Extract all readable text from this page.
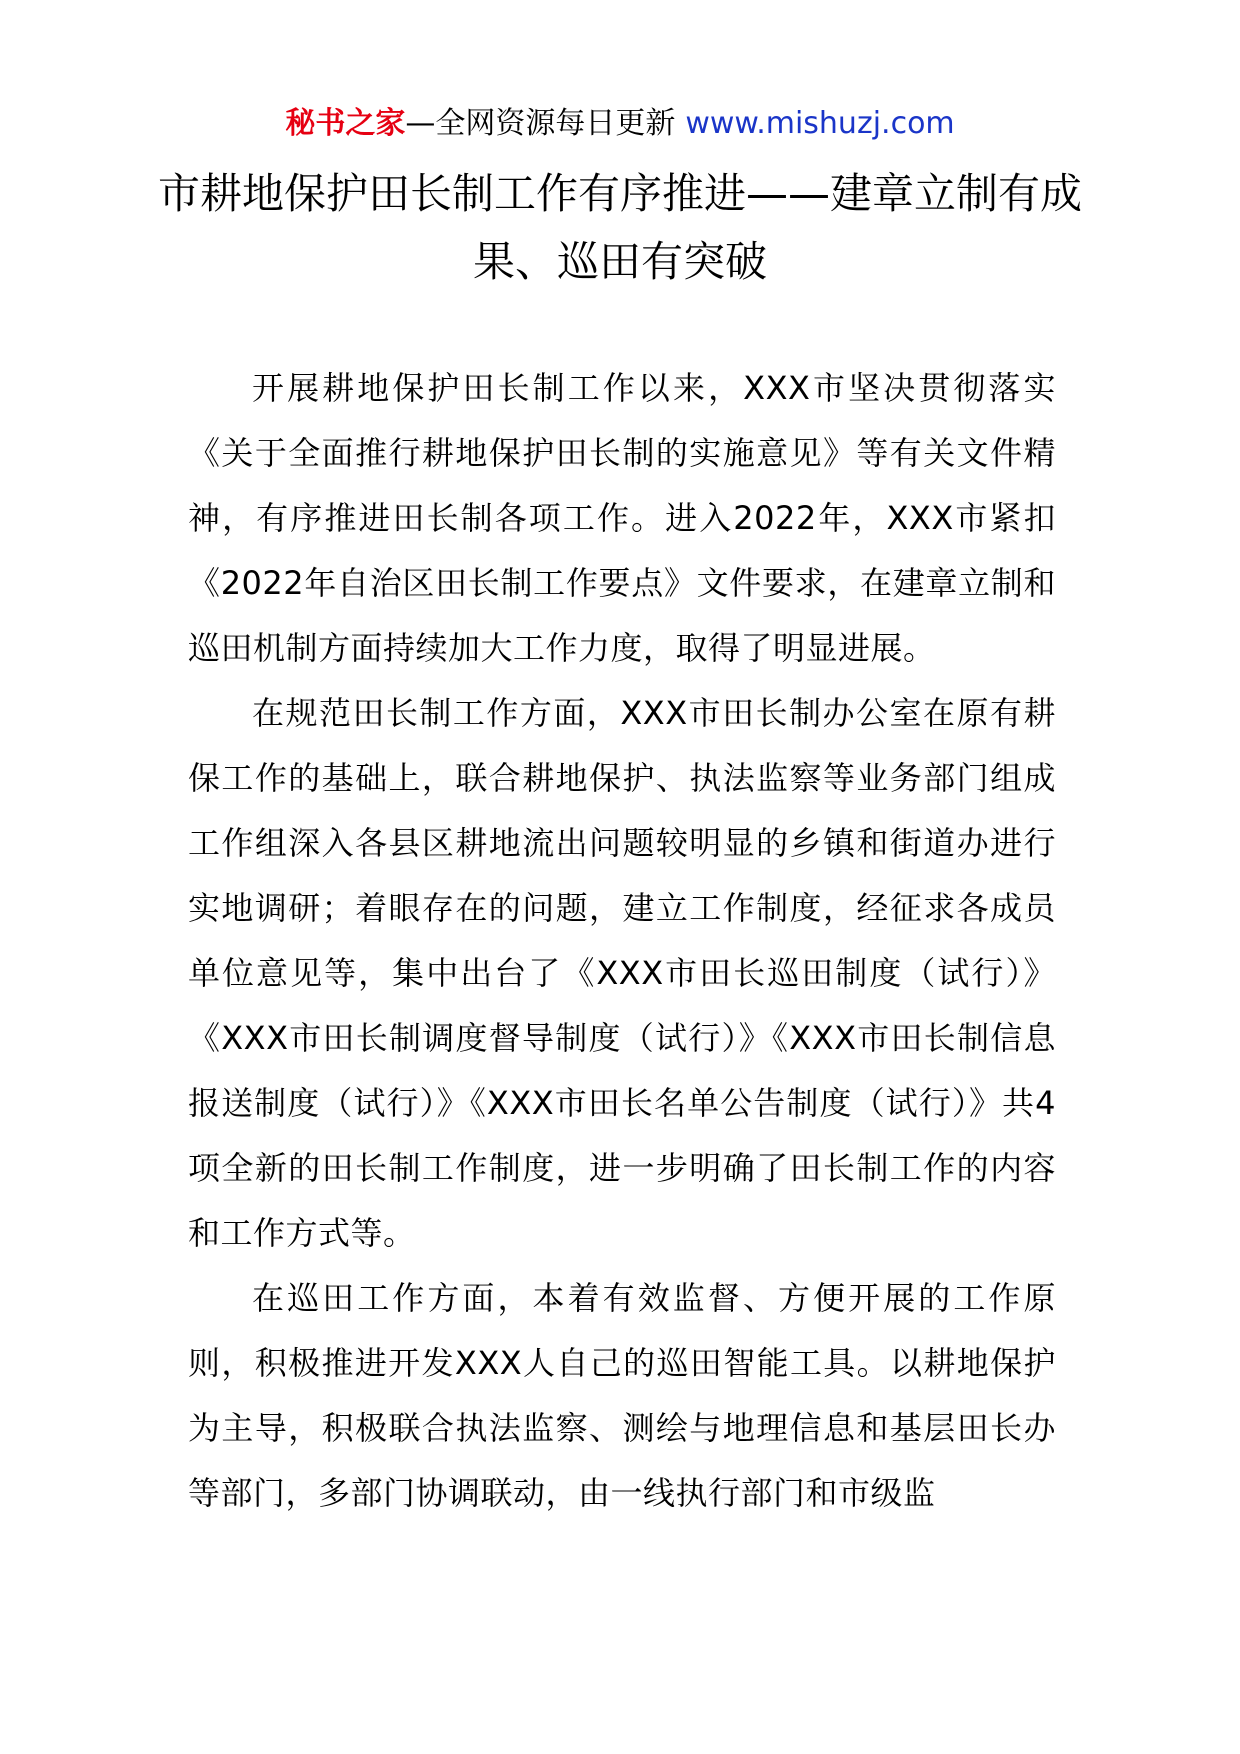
秘书之家—全网资源每日更新 www.mishuzj.com
市耕地保护田长制工作有序推进——建章立制有成果、巡田有突破

开展耕地保护田长制工作以来，XXX市坚决贯彻落实《关于全面推行耕地保护田长制的实施意见》等有关文件精神，有序推进田长制各项工作。进入2022年，XXX市紧扣《2022年自治区田长制工作要点》文件要求，在建章立制和巡田机制方面持续加大工作力度，取得了明显进展。

在规范田长制工作方面，XXX市田长制办公室在原有耕保工作的基础上，联合耕地保护、执法监察等业务部门组成工作组深入各县区耕地流出问题较明显的乡镇和街道办进行实地调研；着眼存在的问题，建立工作制度，经征求各成员单位意见等，集中出台了《XXX市田长巡田制度（试行）》《XXX市田长制调度督导制度（试行）》《XXX市田长制信息报送制度（试行）》《XXX市田长名单公告制度（试行）》共4项全新的田长制工作制度，进一步明确了田长制工作的内容和工作方式等。

在巡田工作方面，本着有效监督、方便开展的工作原则，积极推进开发XXX人自己的巡田智能工具。以耕地保护为主导，积极联合执法监察、测绘与地理信息和基层田长办等部门，多部门协调联动，由一线执行部门和市级监
